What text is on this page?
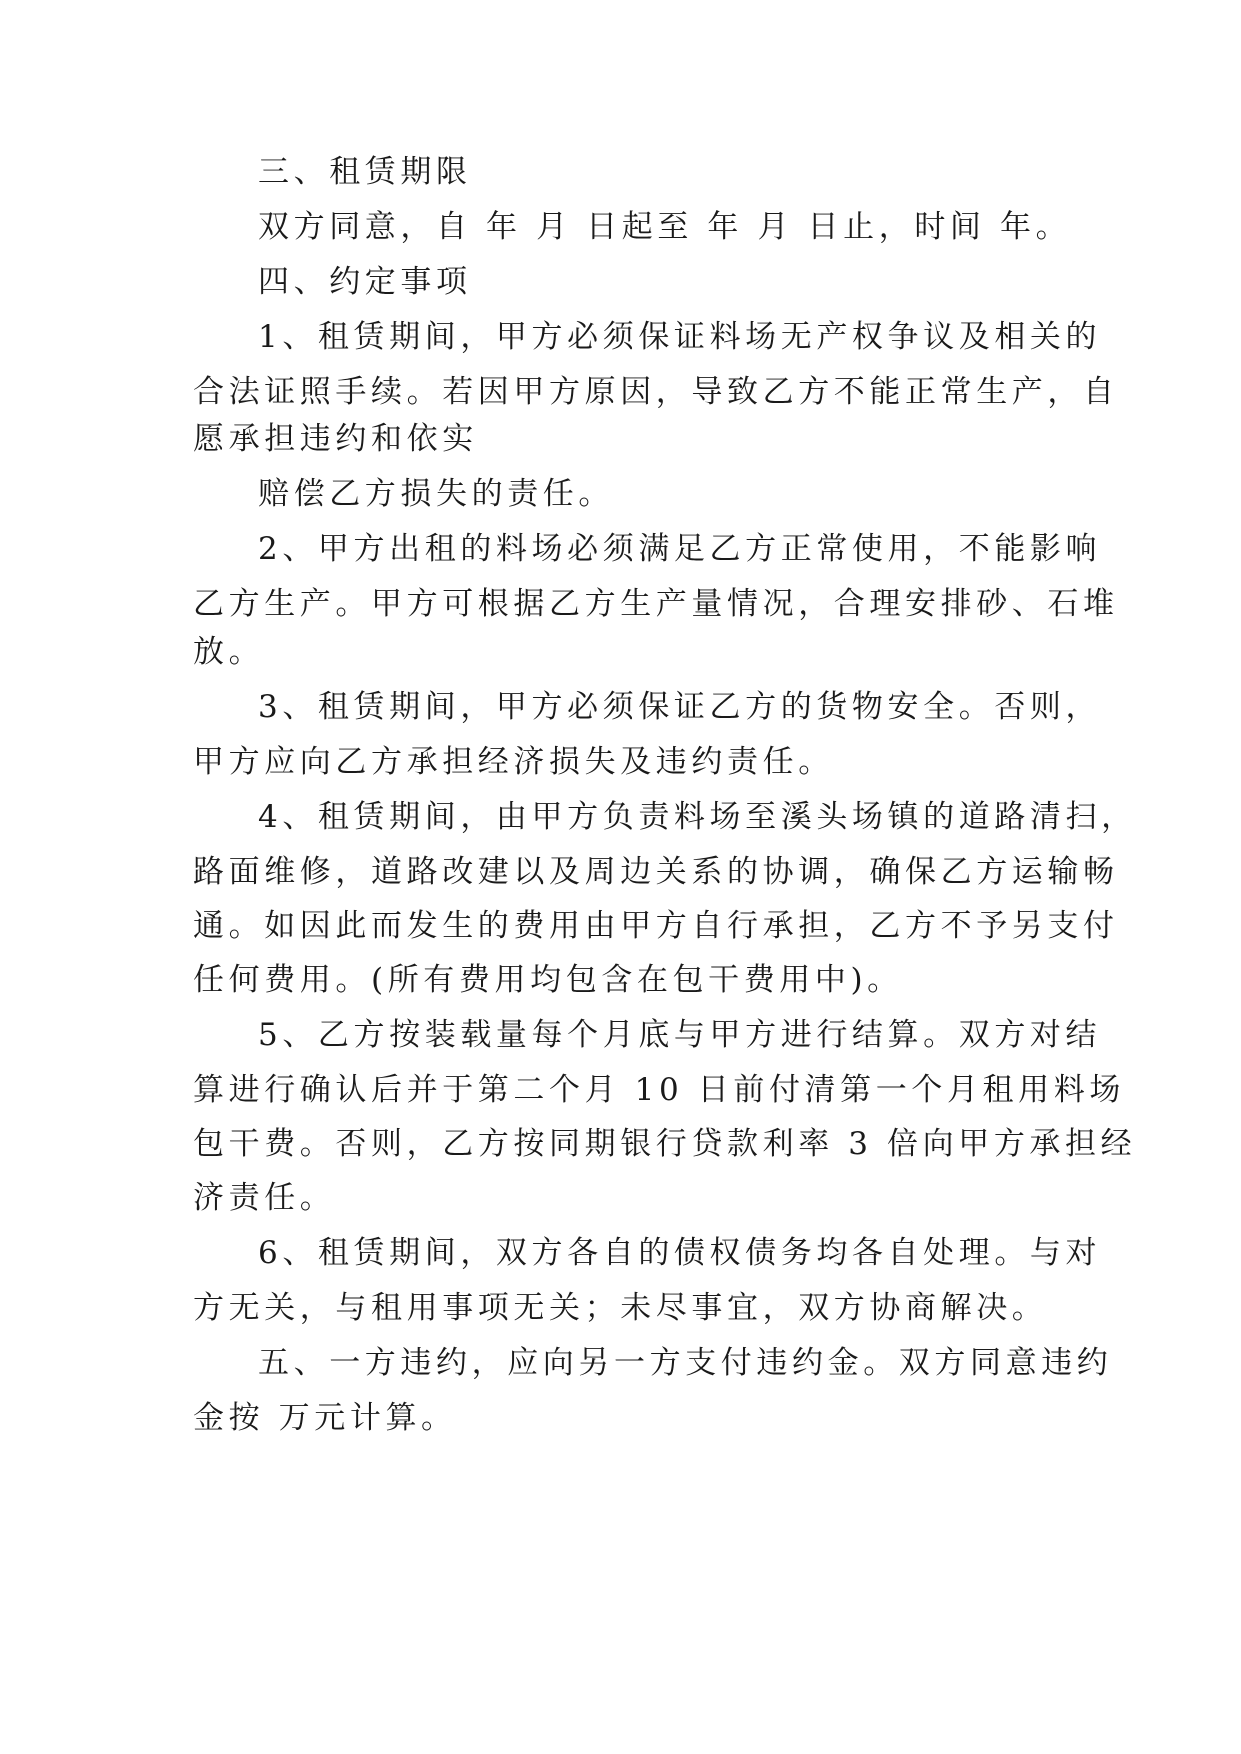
三、租赁期限
双方同意，自 年 月 日起至 年 月 日止，时间 年。
四、约定事项
1、租赁期间，甲方必须保证料场无产权争议及相关的
合法证照手续。若因甲方原因，导致乙方不能正常生产，自
愿承担违约和依实
赔偿乙方损失的责任。
2、甲方出租的料场必须满足乙方正常使用，不能影响
乙方生产。甲方可根据乙方生产量情况，合理安排砂、石堆
放。
3、租赁期间，甲方必须保证乙方的货物安全。否则，
甲方应向乙方承担经济损失及违约责任。
4、租赁期间，由甲方负责料场至溪头场镇的道路清扫，
路面维修，道路改建以及周边关系的协调，确保乙方运输畅
通。如因此而发生的费用由甲方自行承担，乙方不予另支付
任何费用。(所有费用均包含在包干费用中)。
5、乙方按装载量每个月底与甲方进行结算。双方对结
算进行确认后并于第二个月 10 日前付清第一个月租用料场
包干费。否则，乙方按同期银行贷款利率 3 倍向甲方承担经
济责任。
6、租赁期间，双方各自的债权债务均各自处理。与对
方无关，与租用事项无关；未尽事宜，双方协商解决。
五、一方违约，应向另一方支付违约金。双方同意违约
金按 万元计算。
